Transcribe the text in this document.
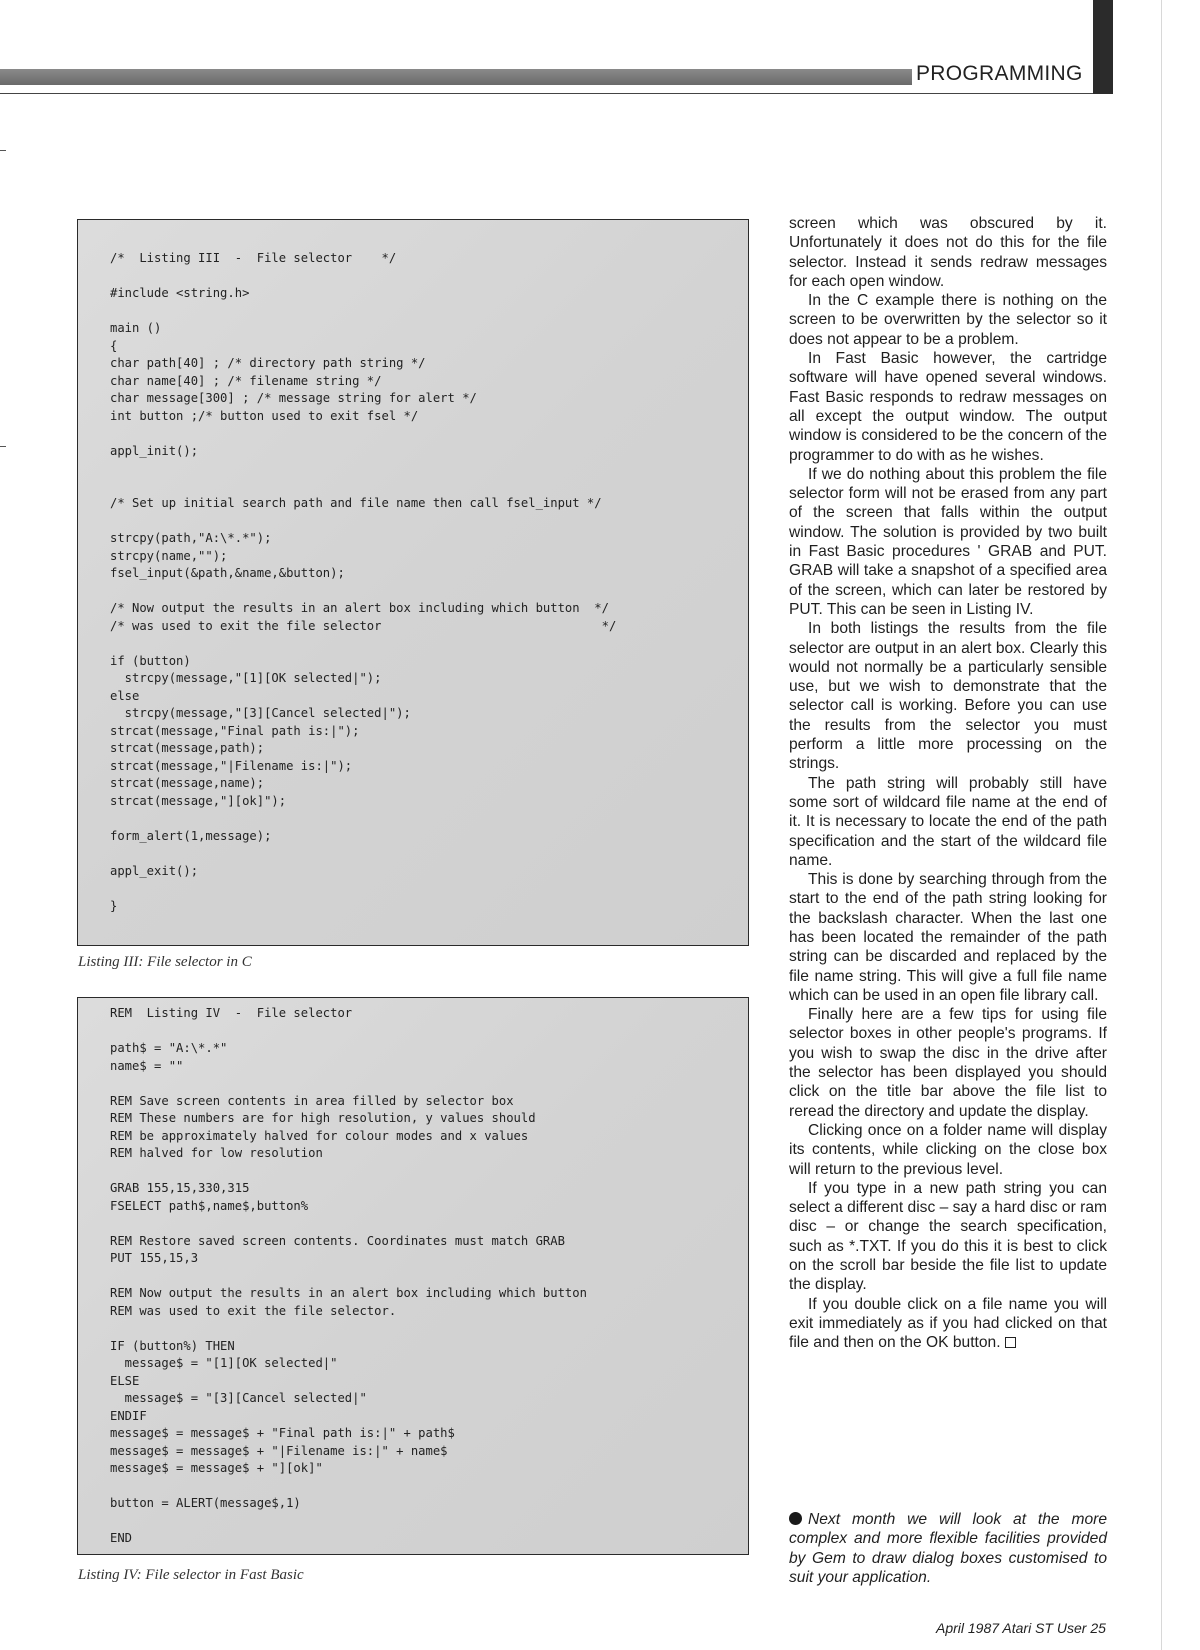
PROGRAMMING
/*  Listing III  -  File selector    */
#include <string.h>
main ()
{
char path[40] ; /* directory path string */
char name[40] ; /* filename string */
char message[300] ; /* message string for alert */
int button ;/* button used to exit fsel */
appl_init();
/* Set up initial search path and file name then call fsel_input */
strcpy(path,"A:\*.*");
strcpy(name,"");
fsel_input(&path,&name,&button);
/* Now output the results in an alert box including which button  */
/* was used to exit the file selector                              */
if (button)
strcpy(message,"[1][OK selected|");
else
strcpy(message,"[3][Cancel selected|");
strcat(message,"Final path is:|");
strcat(message,path);
strcat(message,"|Filename is:|");
strcat(message,name);
strcat(message,"][ok]");
form_alert(1,message);
appl_exit();
}
Listing III: File selector in C
REM  Listing IV  -  File selector
path$ = "A:\*.*"
name$ = ""
REM Save screen contents in area filled by selector box
REM These numbers are for high resolution, y values should
REM be approximately halved for colour modes and x values
REM halved for low resolution
GRAB 155,15,330,315
FSELECT path$,name$,button%
REM Restore saved screen contents. Coordinates must match GRAB
PUT 155,15,3
REM Now output the results in an alert box including which button
REM was used to exit the file selector.
IF (button%) THEN
message$ = "[1][OK selected|"
ELSE
message$ = "[3][Cancel selected|"
ENDIF
message$ = message$ + "Final path is:|" + path$
message$ = message$ + "|Filename is:|" + name$
message$ = message$ + "][ok]"
button = ALERT(message$,1)
END
Listing IV: File selector in Fast Basic

screen which was obscured by it. Unfortunately it does not do this for the file selector. Instead it sends redraw messages for each open window.

In the C example there is nothing on the screen to be overwritten by the selector so it does not appear to be a problem.

In Fast Basic however, the cartridge software will have opened several windows. Fast Basic responds to redraw messages on all except the output window. The output window is considered to be the concern of the programmer to do with as he wishes.

If we do nothing about this problem the file selector form will not be erased from any part of the screen that falls within the output window. The solution is provided by two built in Fast Basic procedures ' GRAB and PUT. GRAB will take a snapshot of a specified area of the screen, which can later be restored by PUT. This can be seen in Listing IV.

In both listings the results from the file selector are output in an alert box. Clearly this would not normally be a particularly sensible use, but we wish to demonstrate that the selector call is working. Before you can use the results from the selector you must perform a little more processing on the strings.

The path string will probably still have some sort of wildcard file name at the end of it. It is necessary to locate the end of the path specification and the start of the wildcard file name.

This is done by searching through from the start to the end of the path string looking for the backslash character. When the last one has been located the remainder of the path string can be discarded and replaced by the file name string. This will give a full file name which can be used in an open file library call.

Finally here are a few tips for using file selector boxes in other people's programs. If you wish to swap the disc in the drive after the selector has been displayed you should click on the title bar above the file list to reread the directory and update the display.

Clicking once on a folder name will display its contents, while clicking on the close box will return to the previous level.

If you type in a new path string you can select a different disc – say a hard disc or ram disc – or change the search specification, such as *.TXT. If you do this it is best to click on the scroll bar beside the file list to update the display.

If you double click on a file name you will exit immediately as if you had clicked on that file and then on the OK button.

Next month we will look at the more complex and more flexible facilities provided by Gem to draw dialog boxes customised to suit your application.
April 1987 Atari ST User 25
